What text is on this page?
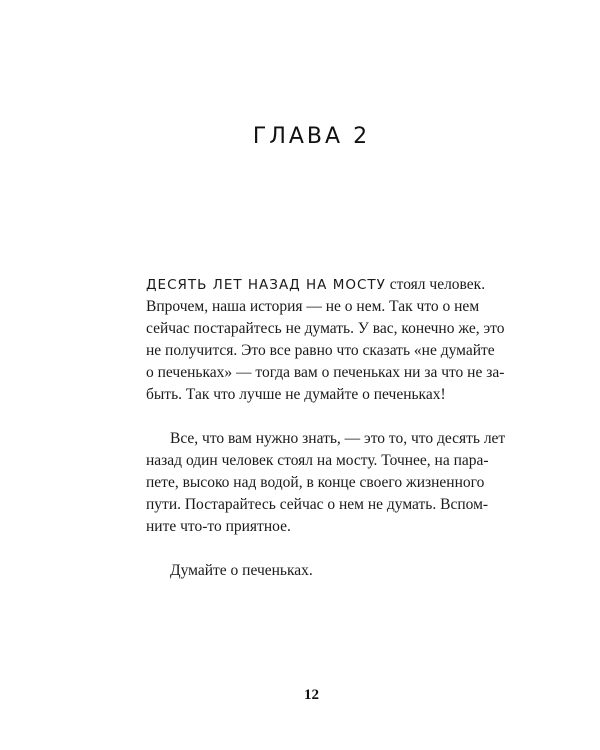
ГЛАВА 2
ДЕСЯТЬ ЛЕТ НАЗАД НА МОСТУ стоял человек.
Впрочем, наша история — не о нем. Так что о нем
сейчас постарайтесь не думать. У вас, конечно же, это
не получится. Это все равно что сказать «не думайте
о печеньках» — тогда вам о печеньках ни за что не за-
быть. Так что лучше не думайте о печеньках!
Все, что вам нужно знать, — это то, что десять лет
назад один человек стоял на мосту. Точнее, на пара-
пете, высоко над водой, в конце своего жизненного
пути. Постарайтесь сейчас о нем не думать. Вспом-
ните что-то приятное.
Думайте о печеньках.
12
